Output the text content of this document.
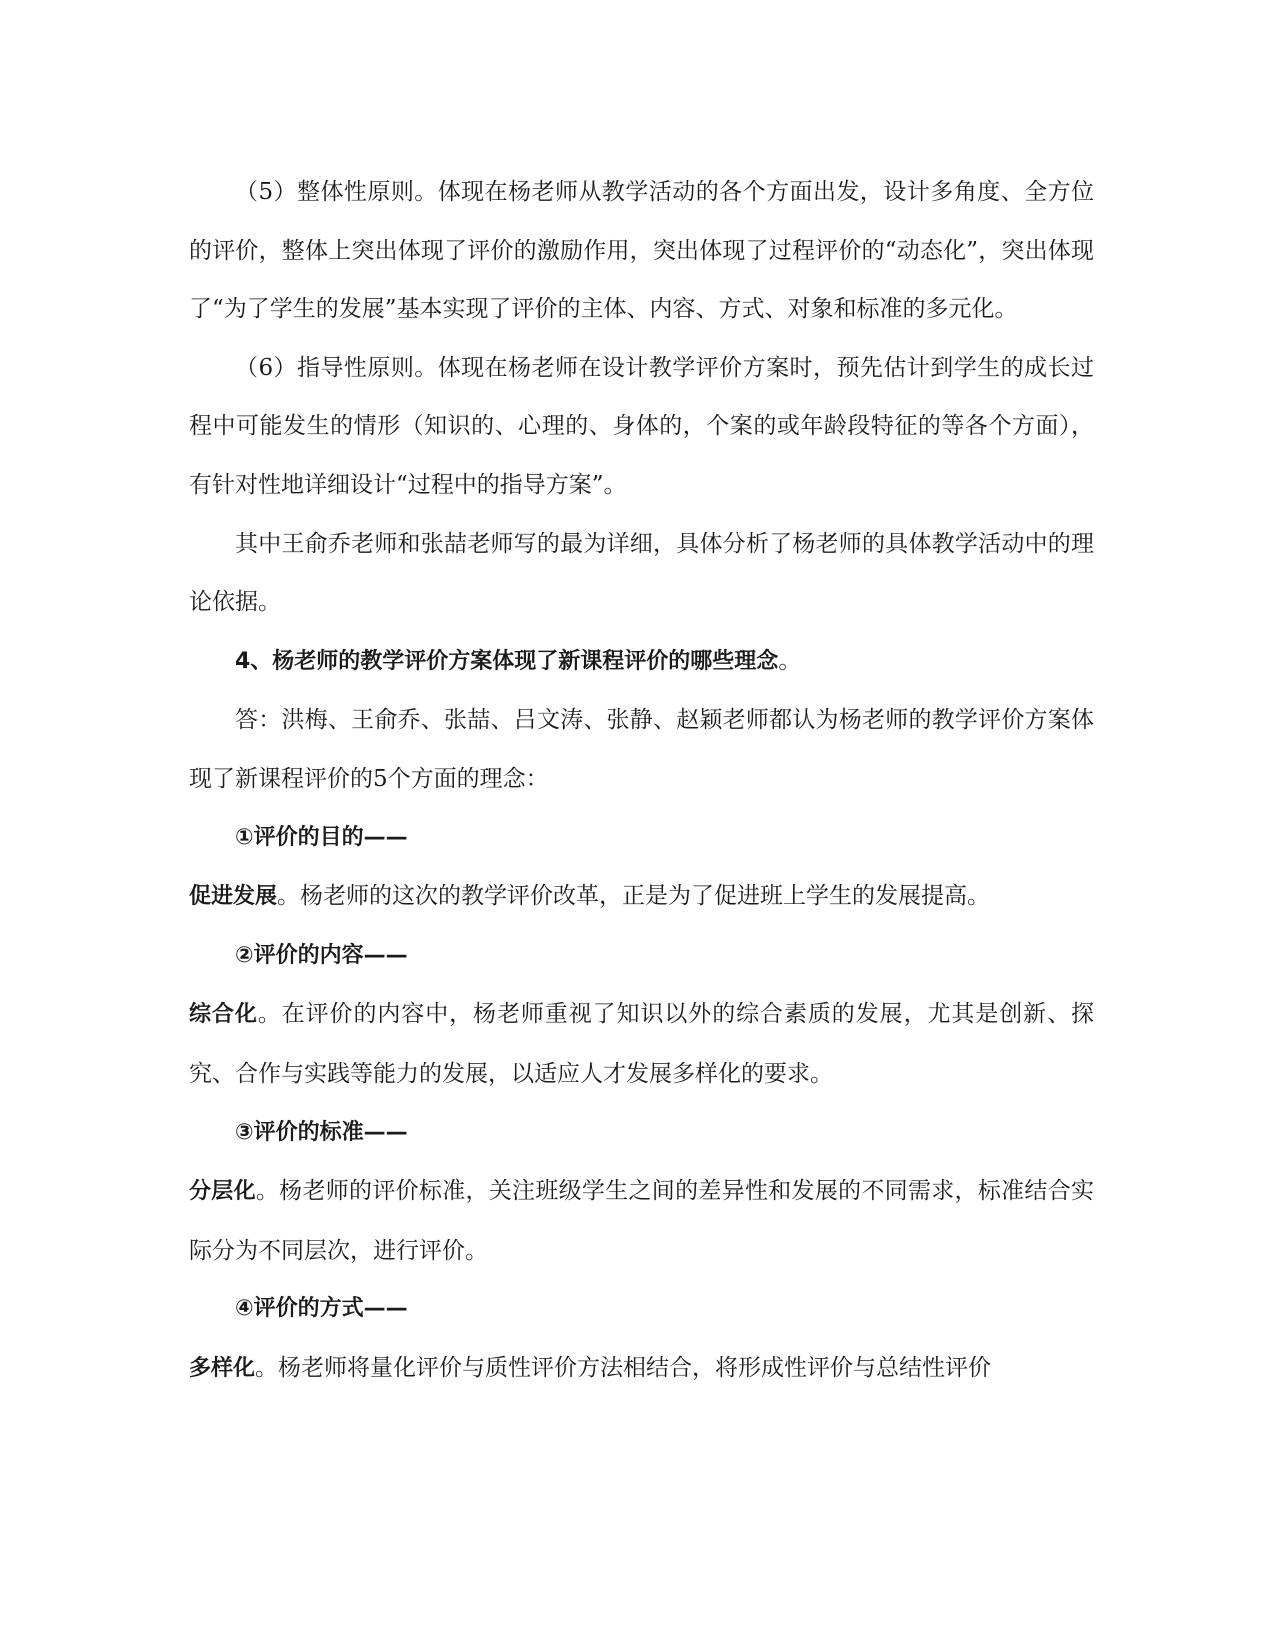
（5）整体性原则。体现在杨老师从教学活动的各个方面出发，设计多角度、全方位的评价，整体上突出体现了评价的激励作用，突出体现了过程评价的“动态化”，突出体现了“为了学生的发展”基本实现了评价的主体、内容、方式、对象和标准的多元化。

（6）指导性原则。体现在杨老师在设计教学评价方案时，预先估计到学生的成长过程中可能发生的情形（知识的、心理的、身体的，个案的或年龄段特征的等各个方面），有针对性地详细设计“过程中的指导方案”。

其中王俞乔老师和张喆老师写的最为详细，具体分析了杨老师的具体教学活动中的理论依据。

4、杨老师的教学评价方案体现了新课程评价的哪些理念。

答：洪梅、王俞乔、张喆、吕文涛、张静、赵颖老师都认为杨老师的教学评价方案体现了新课程评价的5个方面的理念：

①评价的目的——

促进发展。杨老师的这次的教学评价改革，正是为了促进班上学生的发展提高。

②评价的内容——

综合化。在评价的内容中，杨老师重视了知识以外的综合素质的发展，尤其是创新、探究、合作与实践等能力的发展，以适应人才发展多样化的要求。

③评价的标准——

分层化。杨老师的评价标准，关注班级学生之间的差异性和发展的不同需求，标准结合实际分为不同层次，进行评价。

④评价的方式——

多样化。杨老师将量化评价与质性评价方法相结合，将形成性评价与总结性评价
